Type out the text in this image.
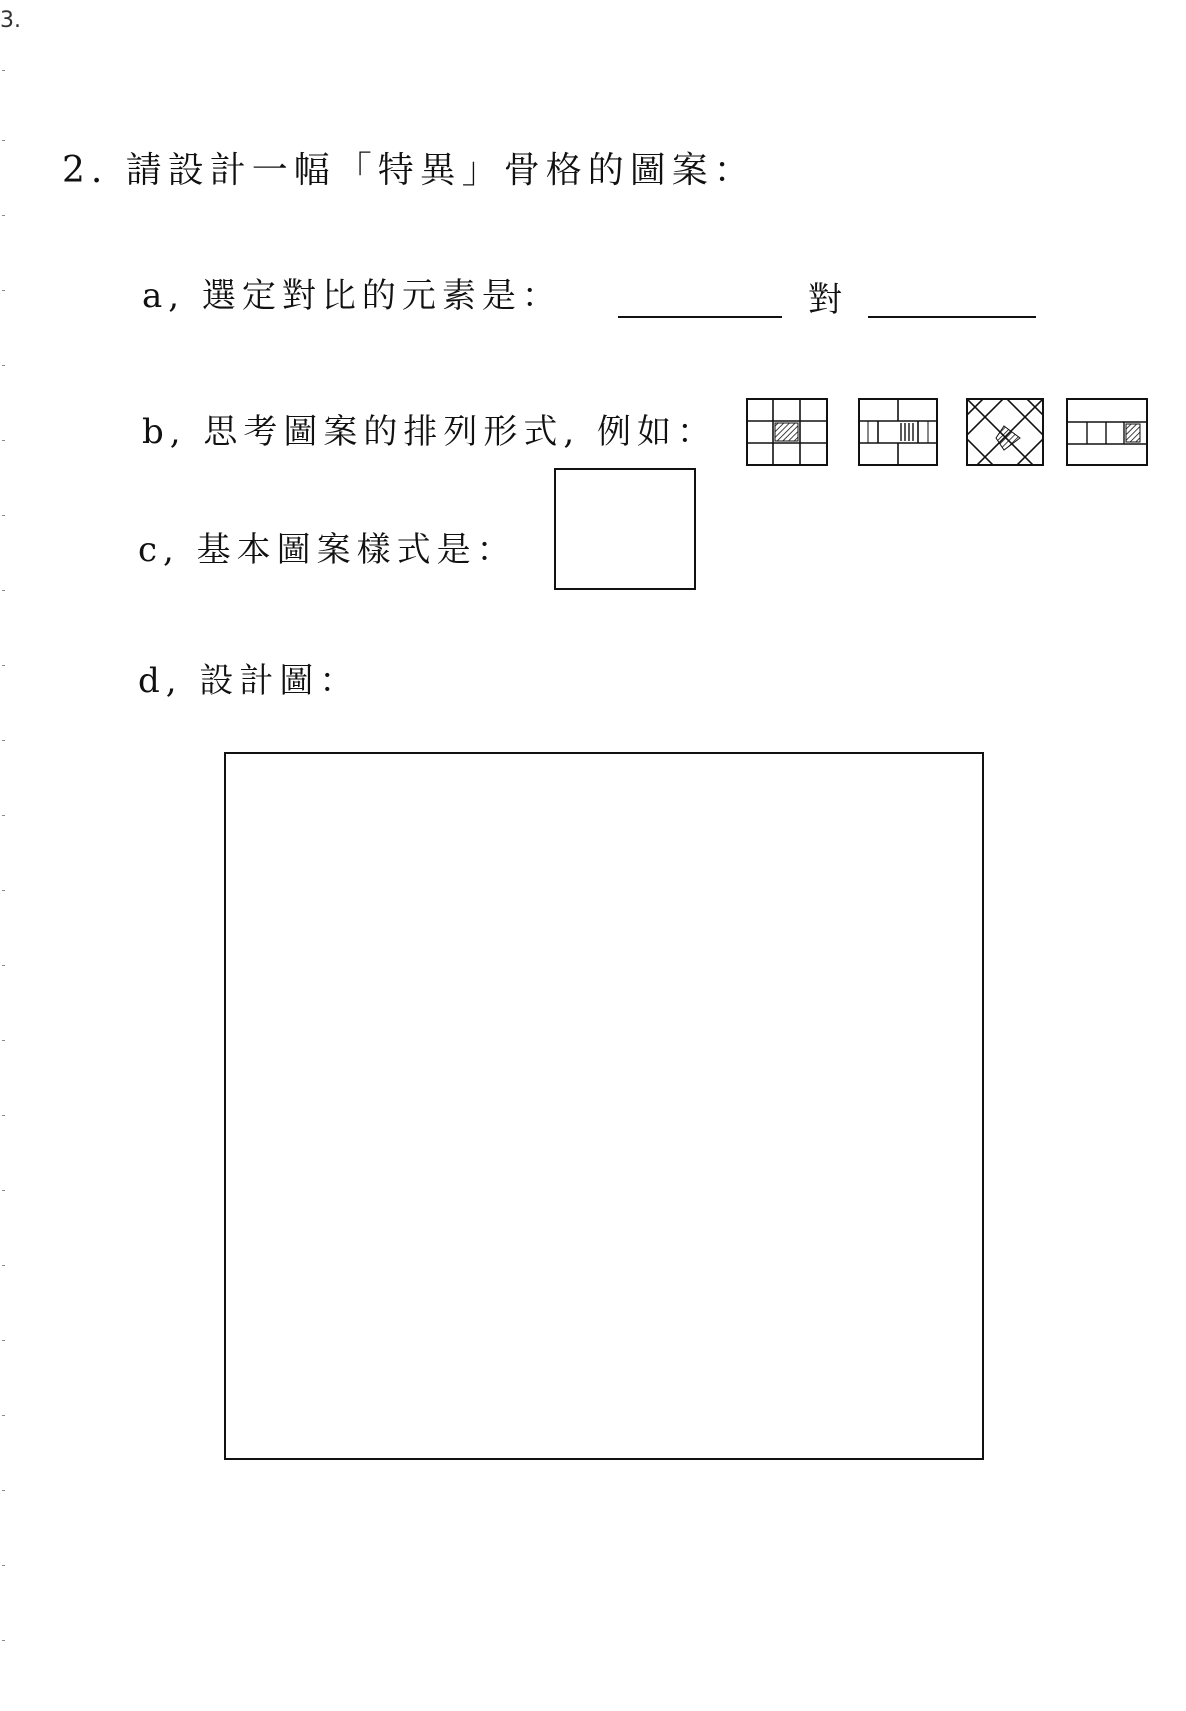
3.
2. 請設計一幅「特異」骨格的圖案：
a, 選定對比的元素是：	對
b, 思考圖案的排列形式, 例如：
c, 基本圖案樣式是：
d, 設計圖：
